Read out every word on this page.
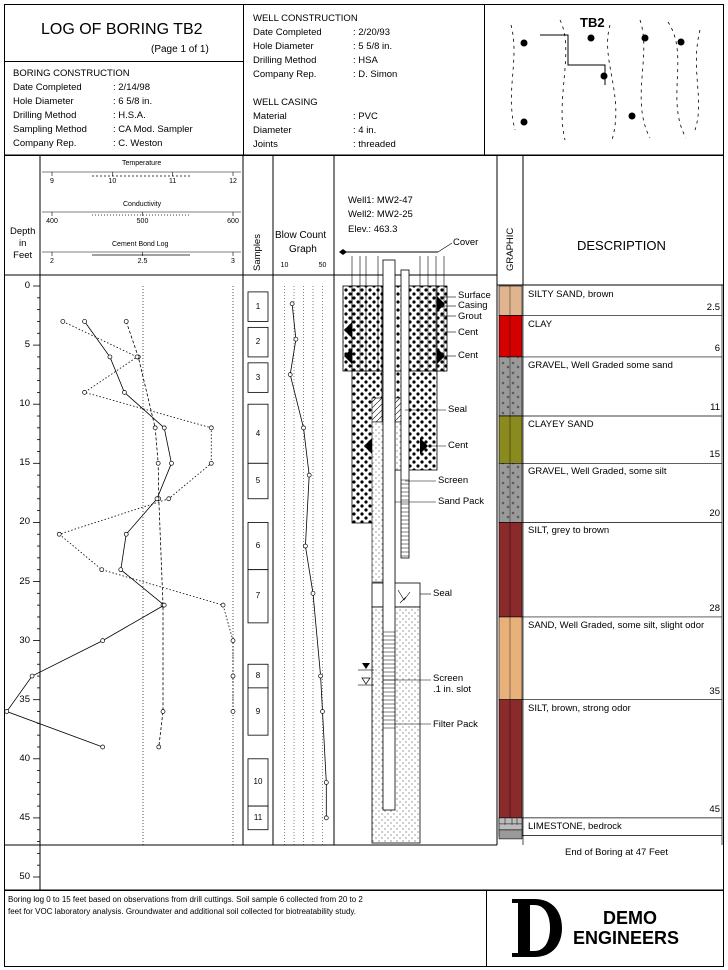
LOG OF BORING TB2
(Page 1 of 1)
BORING CONSTRUCTION
Date Completed	: 2/14/98
Hole Diameter	: 6 5/8 in.
Drilling Method	: H.S.A.
Sampling Method	: CA Mod. Sampler
Company Rep.	: C. Weston
WELL CONSTRUCTION
Date Completed	: 2/20/93
Hole Diameter	: 5 5/8 in.
Drilling Method	: HSA
Company Rep.	: D. Simon
WELL CASING
Material	: PVC
Diameter	: 4 in.
Joints	: threaded
TB2
Depth
in
Feet
Temperature
Conductivity
Cement Bond Log	Samples Blow Count
Graph
Well1: MW2-47
Well2: MW2-25
Elev.: 463.3	GRAPHIC	DESCRIPTION
0
5
10
15
20
25
30
35
40
45
50
Cover
Surface
Casing
Grout
Cent
Cent
Seal
Cent
Screen
Sand Pack
Seal
Screen
.1 in. slot
Filter Pack
SILTY SAND, brown
2.5
CLAY
6
GRAVEL, Well Graded some sand
11
CLAYEY SAND
15
GRAVEL, Well Graded, some silt
20
SILT, grey to brown
28
SAND, Well Graded, some silt, slight odor
35
SILT, brown, strong odor
45
LIMESTONE, bedrock
End of Boring at 47 Feet
Boring log 0 to 15 feet based on observations from drill cuttings. Soil sample 6 collected from 20 to 2
feet for VOC laboratory analysis. Groundwater and additional soil collected for biotreatability study.	DEMO
ENGINEERS
9	10	11	12
400	500	600
2	2.5	3
1
2
3
4
5
6
7
8
9
10
11
10	50
